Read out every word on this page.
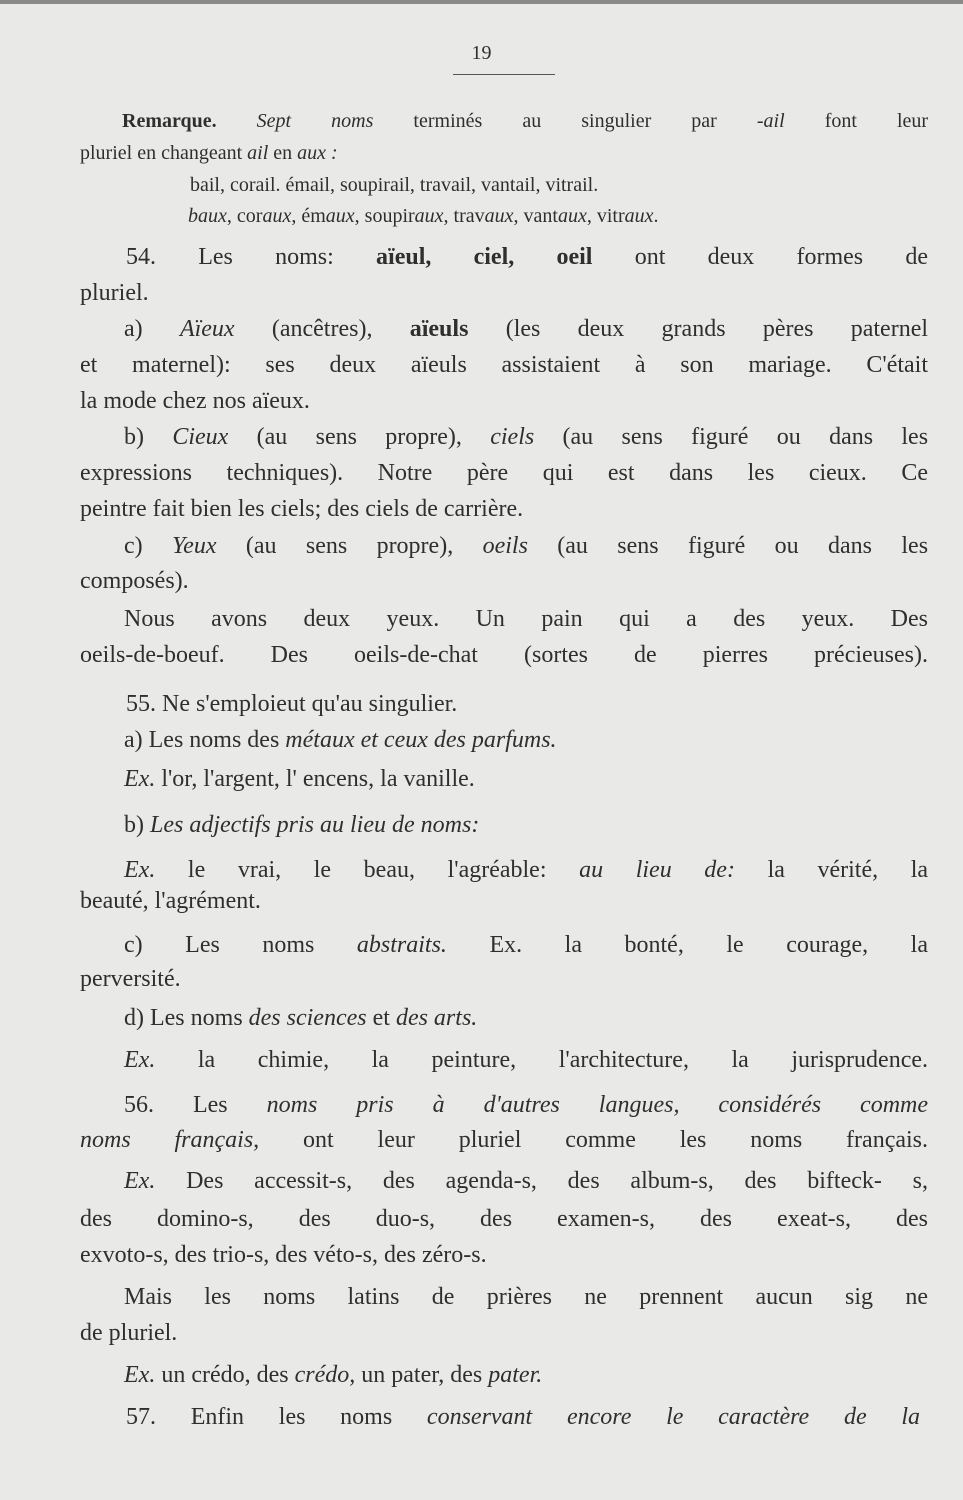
19
Remarque. Sept noms terminés au singulier par -ail font leur
pluriel en changeant ail en aux :
bail, corail. émail, soupirail, travail, vantail, vitrail.
baux, coraux, émaux, soupiraux, travaux, vantaux, vitraux.
54. Les noms: aïeul, ciel, oeil ont deux formes de
pluriel.
a) Aïeux (ancêtres), aïeuls (les deux grands pères paternel
et maternel): ses deux aïeuls assistaient à son mariage. C'était
la mode chez nos aïeux.
b) Cieux (au sens propre), ciels (au sens figuré ou dans les
expressions techniques). Notre père qui est dans les cieux. Ce
peintre fait bien les ciels; des ciels de carrière.
c) Yeux (au sens propre), oeils (au sens figuré ou dans les
composés).
Nous avons deux yeux. Un pain qui a des yeux. Des
oeils-de-boeuf. Des oeils-de-chat (sortes de pierres précieuses).
55. Ne s'emploieut qu'au singulier.
a) Les noms des métaux et ceux des parfums.
Ex. l'or, l'argent, l' encens, la vanille.
b) Les adjectifs pris au lieu de noms:
Ex. le vrai, le beau, l'agréable: au lieu de: la vérité, la
beauté, l'agrément.
c) Les noms abstraits. Ex. la bonté, le courage, la
perversité.
d) Les noms des sciences et des arts.
Ex. la chimie, la peinture, l'architecture, la jurisprudence.
56. Les noms pris à d'autres langues, considérés comme
noms français, ont leur pluriel comme les noms français.
Ex. Des accessit-s, des agenda-s, des album-s, des bifteck- s,
des domino-s, des duo-s, des examen-s, des exeat-s, des
exvoto-s, des trio-s, des véto-s, des zéro-s.
Mais les noms latins de prières ne prennent aucun sig ne
de pluriel.
Ex. un crédo, des crédo, un pater, des pater.
57. Enfin les noms conservant encore le caractère de la
